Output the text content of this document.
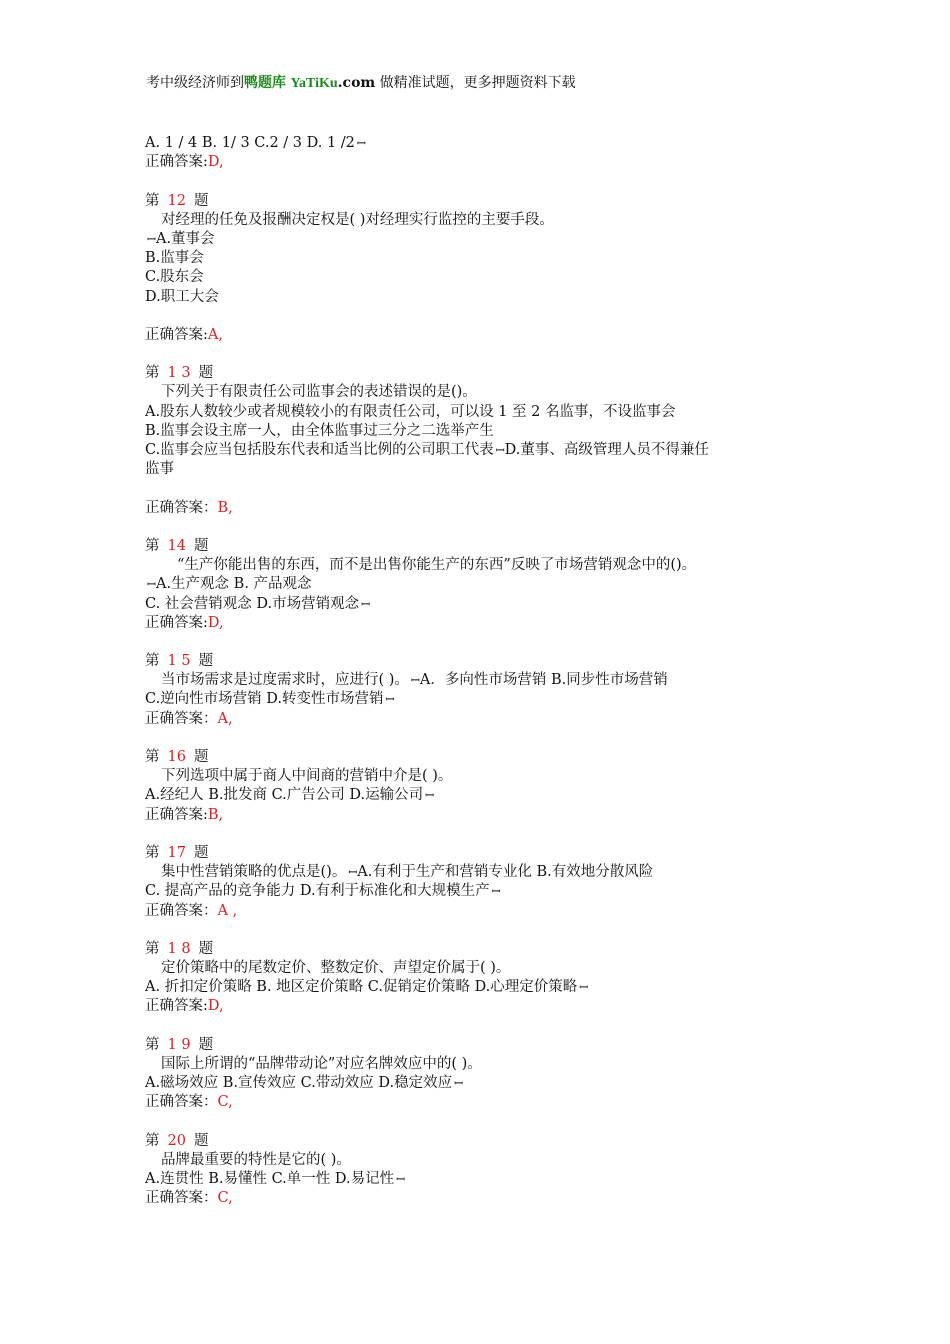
考中级经济师到鸭题库 YaTiKu.com 做精准试题，更多押题资料下载
A. 1 / 4 B. 1/ 3 C.2 / 3 D. 1 /2 ꟷ
正确答案:D,
第 12 题
对经理的任免及报酬决定权是( )对经理实行监控的主要手段。
ꟷA.董事会
B.监事会
C.股东会
D.职工大会
正确答案:A,
第 1 3 题
下列关于有限责任公司监事会的表述错误的是()。
A.股东人数较少或者规模较小的有限责任公司，可以设 1 至 2 名监事，不设监事会
B.监事会设主席一人，由全体监事过三分之二选举产生
C.监事会应当包括股东代表和适当比例的公司职工代表 ꟷD.董事、高级管理人员不得兼任
监事
正确答案：B,
第 14 题
“生产你能出售的东西，而不是出售你能生产的东西”反映了市场营销观念中的()。
ꟷA.生产观念 B. 产品观念
C. 社会营销观念 D.市场营销观念 ꟷ
正确答案:D,
第 1 5 题
当市场需求是过度需求时，应进行( )。 ꟷA．多向性市场营销 B.同步性市场营销
C.逆向性市场营销 D.转变性市场营销 ꟷ
正确答案：A,
第 16 题
下列选项中属于商人中间商的营销中介是( )。
A.经纪人 B.批发商 C.广告公司 D.运输公司 ꟷ
正确答案:B,
第 17 题
集中性营销策略的优点是()。 ꟷA.有利于生产和营销专业化 B.有效地分散风险
C. 提高产品的竞争能力 D.有利于标准化和大规模生产 ꟷ
正确答案：A ,
第 1 8 题
定价策略中的尾数定价、整数定价、声望定价属于( )。
A. 折扣定价策略 B. 地区定价策略 C.促销定价策略 D.心理定价策略 ꟷ
正确答案:D,
第 1 9 题
国际上所谓的“品牌带动论”对应名牌效应中的( )。
A.磁场效应 B.宣传效应 C.带动效应 D.稳定效应 ꟷ
正确答案：C,
第 20 题
品牌最重要的特性是它的( )。
A.连贯性 B.易懂性 C.单一性 D.易记性 ꟷ
正确答案：C,
